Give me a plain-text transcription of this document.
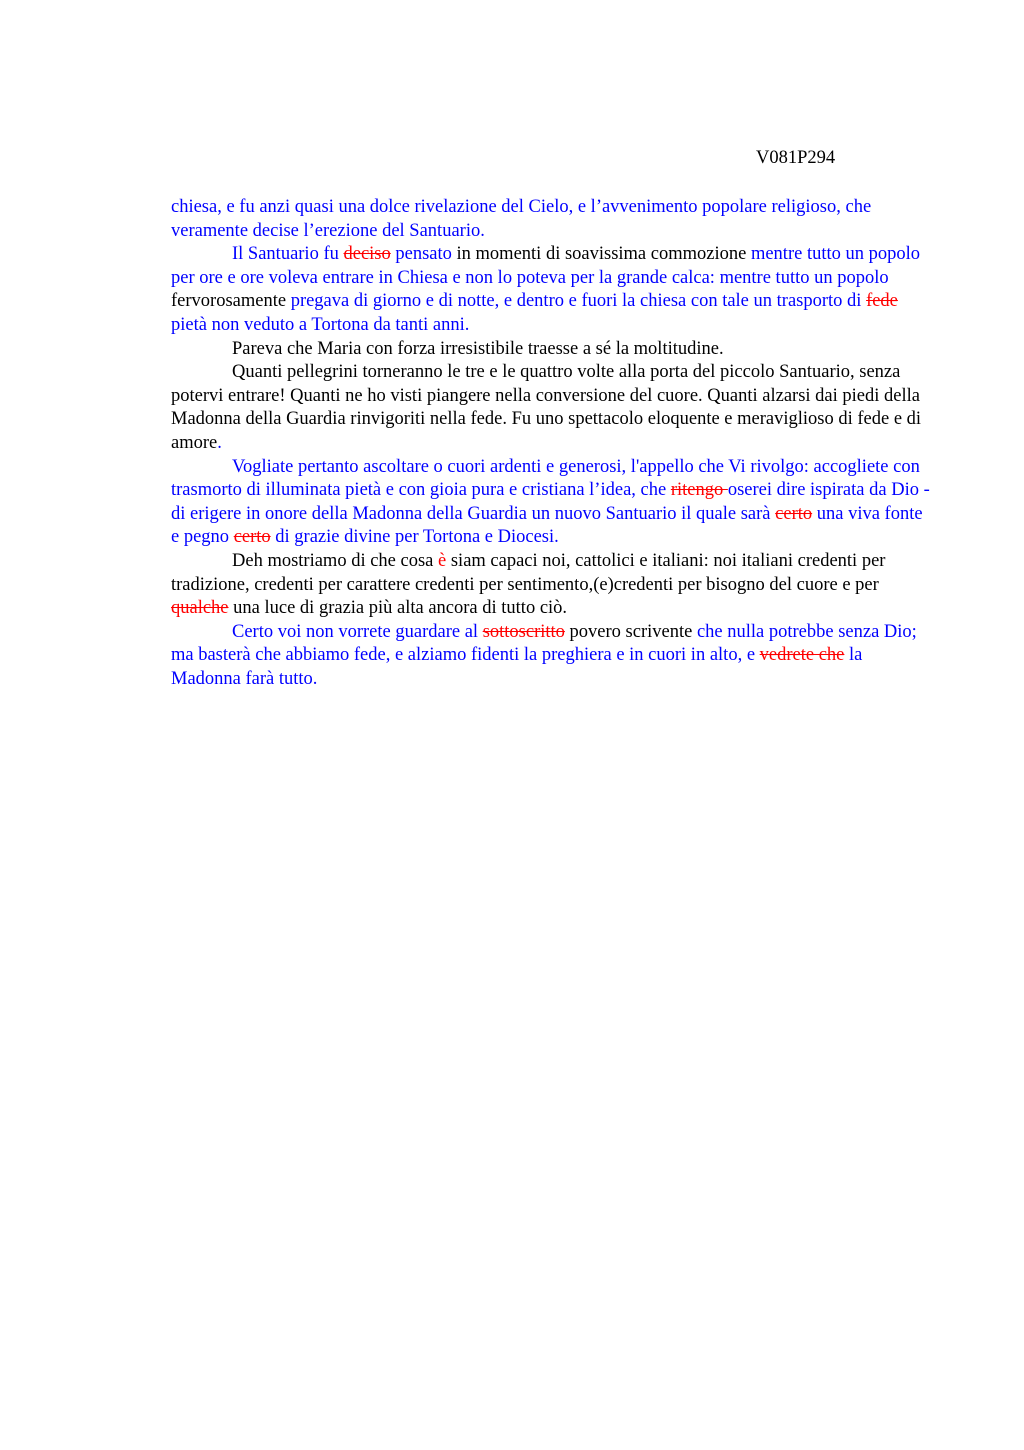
V081P294

chiesa, e fu anzi quasi una dolce rivelazione del Cielo, e l’avvenimento popolare religioso, che veramente decise l’erezione del Santuario.

Il Santuario fu deciso pensato in momenti di soavissima commozione mentre tutto un popolo per ore e ore voleva entrare in Chiesa e non lo poteva per la grande calca: mentre tutto un popolo fervorosamente pregava di giorno e di notte, e dentro e fuori la chiesa con tale un trasporto di fede pietà non veduto a Tortona da tanti anni.

Pareva che Maria con forza irresistibile traesse a sé la moltitudine.

Quanti pellegrini torneranno le tre e le quattro volte alla porta del piccolo Santuario, senza potervi entrare! Quanti ne ho visti piangere nella conversione del cuore. Quanti alzarsi dai piedi della Madonna della Guardia rinvigoriti nella fede. Fu uno spettacolo eloquente e meraviglioso di fede e di amore.

Vogliate pertanto ascoltare o cuori ardenti e generosi, l'appello che Vi rivolgo: accogliete con trasmorto di illuminata pietà e con gioia pura e cristiana l’idea, che ritengo oserei dire ispirata da Dio - di erigere in onore della Madonna della Guardia un nuovo Santuario il quale sarà certo una viva fonte e pegno certo di grazie divine per Tortona e Diocesi.

Deh mostriamo di che cosa è siam capaci noi, cattolici e italiani: noi italiani credenti per tradizione, credenti per carattere credenti per sentimento,(e)credenti per bisogno del cuore e per qualche una luce di grazia più alta ancora di tutto ciò.

Certo voi non vorrete guardare al sottoscritto povero scrivente che nulla potrebbe senza Dio; ma basterà che abbiamo fede, e alziamo fidenti la preghiera e in cuori in alto, e vedrete che la Madonna farà tutto.
